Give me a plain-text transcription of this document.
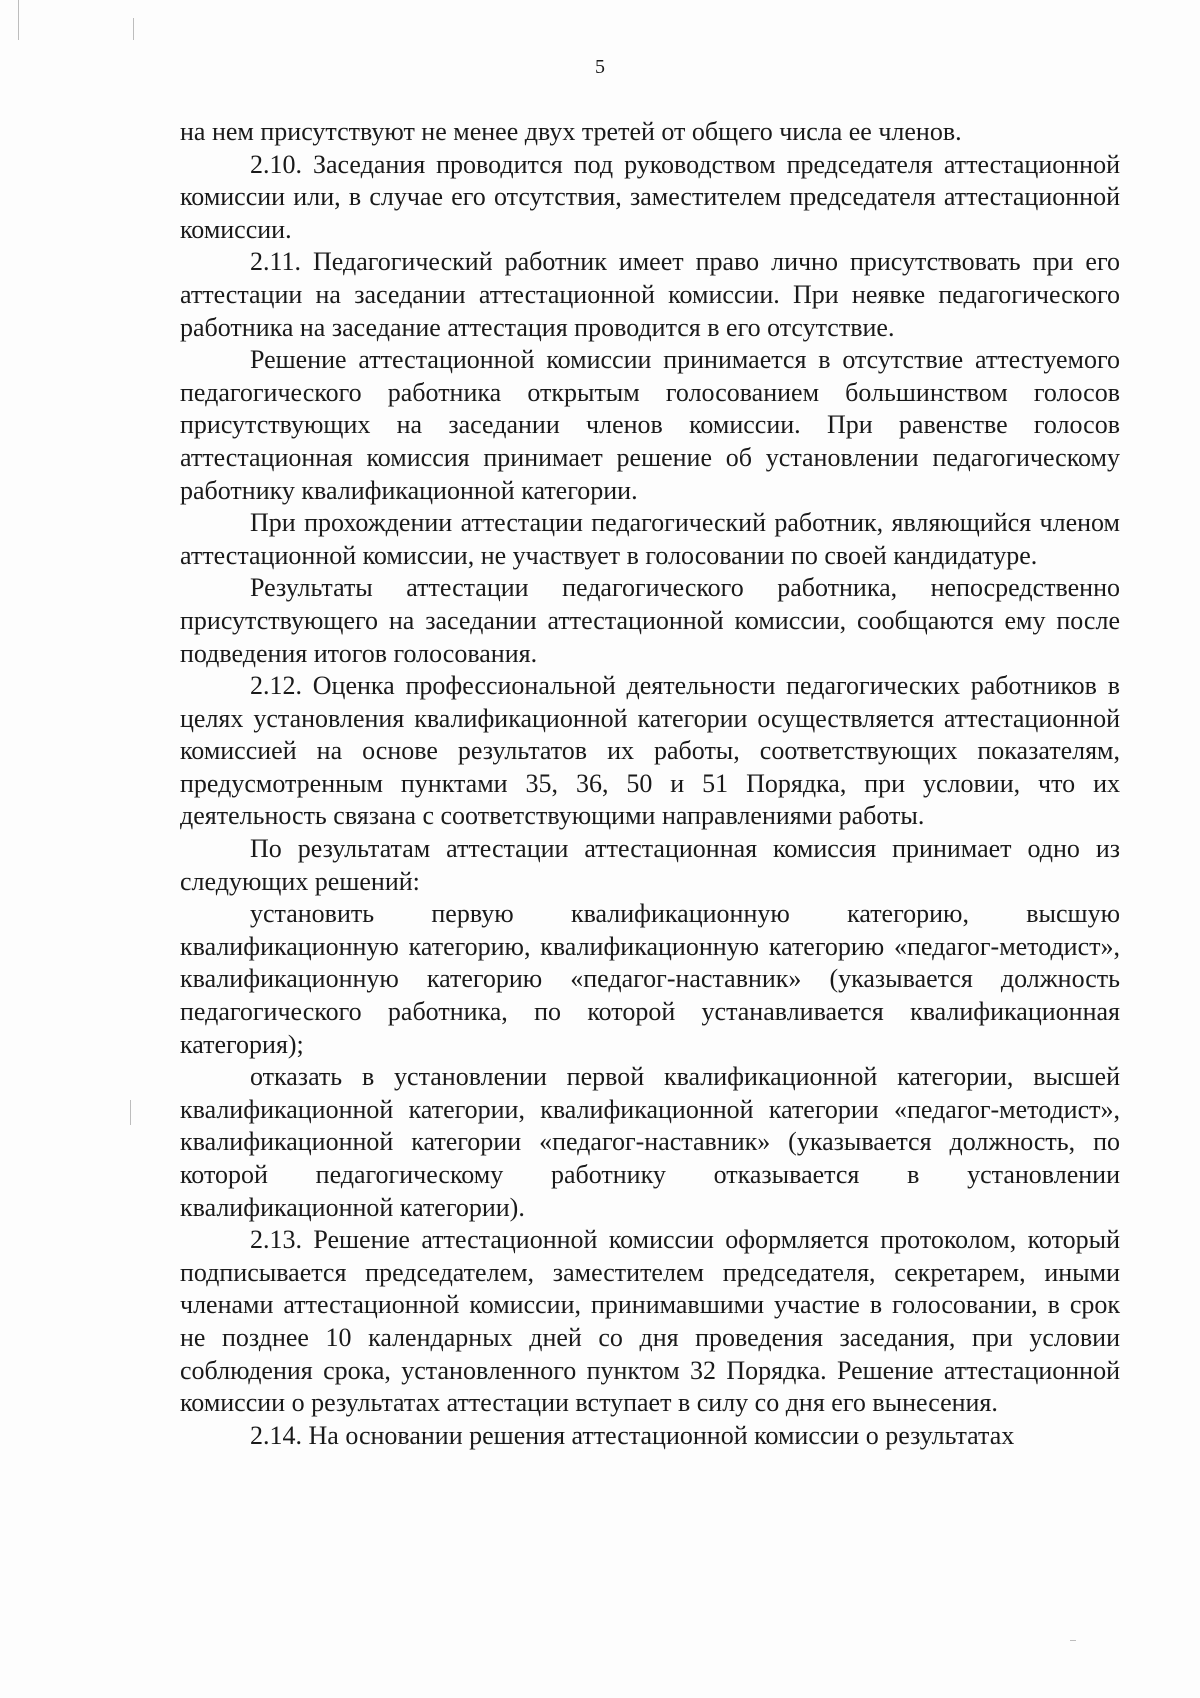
5

на нем присутствуют не менее двух третей от общего числа ее членов.

2.10. Заседания проводится под руководством председателя аттестационной комиссии или, в случае его отсутствия, заместителем председателя аттестационной комиссии.

2.11. Педагогический работник имеет право лично присутствовать при его аттестации на заседании аттестационной комиссии. При неявке педагогического работника на заседание аттестация проводится в его отсутствие.

Решение аттестационной комиссии принимается в отсутствие аттестуемого педагогического работника открытым голосованием большинством голосов присутствующих на заседании членов комиссии. При равенстве голосов аттестационная комиссия принимает решение об установлении педагогическому работнику квалификационной категории.

При прохождении аттестации педагогический работник, являющийся членом аттестационной комиссии, не участвует в голосовании по своей кандидатуре.

Результаты аттестации педагогического работника, непосредственно присутствующего на заседании аттестационной комиссии, сообщаются ему после подведения итогов голосования.

2.12. Оценка профессиональной деятельности педагогических работников в целях установления квалификационной категории осуществляется аттестационной комиссией на основе результатов их работы, соответствующих показателям, предусмотренным пунктами 35, 36, 50 и 51 Порядка, при условии, что их деятельность связана с соответствующими направлениями работы.

По результатам аттестации аттестационная комиссия принимает одно из следующих решений:

установить первую квалификационную категорию, высшую квалификационную категорию, квалификационную категорию «педагог-методист», квалификационную категорию «педагог-наставник» (указывается должность педагогического работника, по которой устанавливается квалификационная категория);

отказать в установлении первой квалификационной категории, высшей квалификационной категории, квалификационной категории «педагог-методист», квалификационной категории «педагог-наставник» (указывается должность, по которой педагогическому работнику отказывается в установлении квалификационной категории).

2.13. Решение аттестационной комиссии оформляется протоколом, который подписывается председателем, заместителем председателя, секретарем, иными членами аттестационной комиссии, принимавшими участие в голосовании, в срок не позднее 10 календарных дней со дня проведения заседания, при условии соблюдения срока, установленного пунктом 32 Порядка. Решение аттестационной комиссии о результатах аттестации вступает в силу со дня его вынесения.

2.14. На основании решения аттестационной комиссии о результатах
